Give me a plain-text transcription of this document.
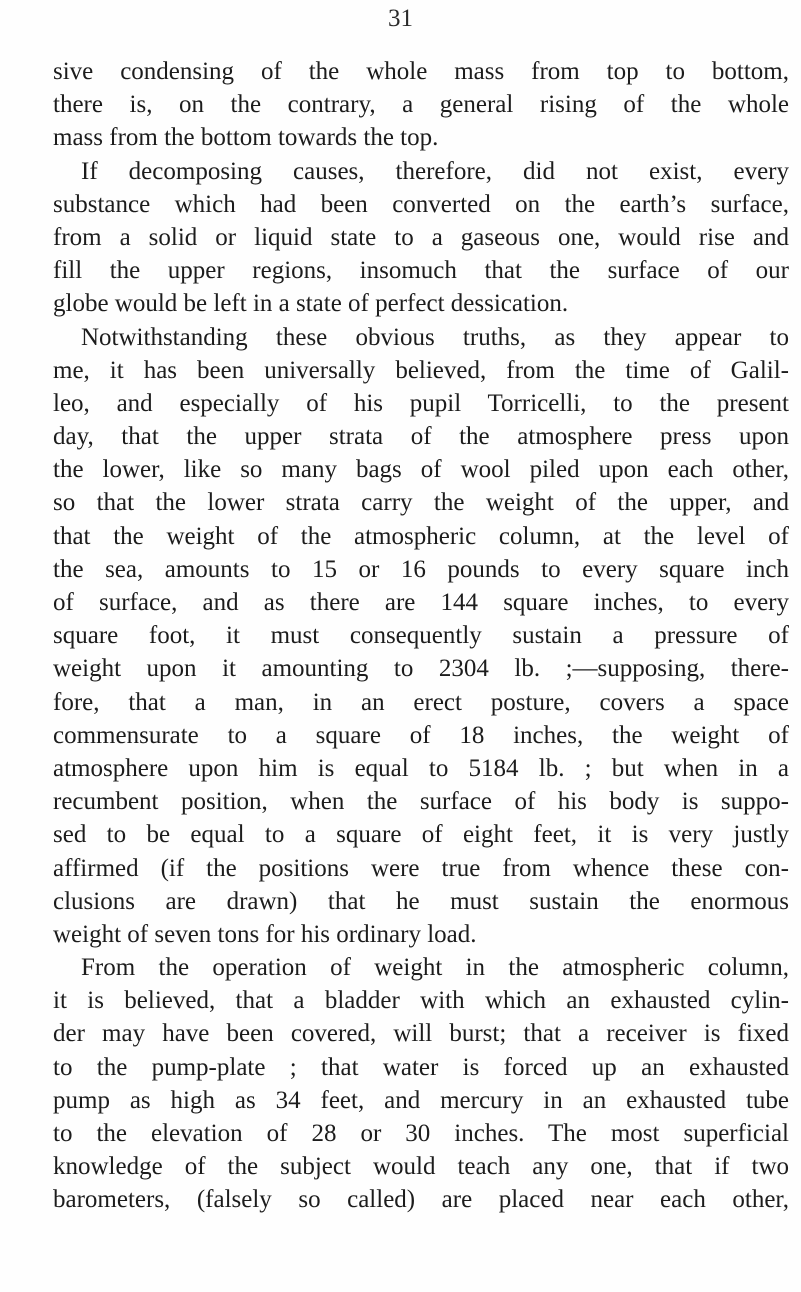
31
sive condensing of the whole mass from top to bottom,
there is, on the contrary, a general rising of the whole
mass from the bottom towards the top.
If decomposing causes, therefore, did not exist, every
substance which had been converted on the earth’s surface,
from a solid or liquid state to a gaseous one, would rise and
fill the upper regions, insomuch that the surface of our
globe would be left in a state of perfect dessication.
Notwithstanding these obvious truths, as they appear to
me, it has been universally believed, from the time of Galil-
leo, and especially of his pupil Torricelli, to the present
day, that the upper strata of the atmosphere press upon
the lower, like so many bags of wool piled upon each other,
so that the lower strata carry the weight of the upper, and
that the weight of the atmospheric column, at the level of
the sea, amounts to 15 or 16 pounds to every square inch
of surface, and as there are 144 square inches, to every
square foot, it must consequently sustain a pressure of
weight upon it amounting to 2304 lb. ;—supposing, there-
fore, that a man, in an erect posture, covers a space
commensurate to a square of 18 inches, the weight of
atmosphere upon him is equal to 5184 lb. ; but when in a
recumbent position, when the surface of his body is suppo-
sed to be equal to a square of eight feet, it is very justly
affirmed (if the positions were true from whence these con-
clusions are drawn) that he must sustain the enormous
weight of seven tons for his ordinary load.
From the operation of weight in the atmospheric column,
it is believed, that a bladder with which an exhausted cylin-
der may have been covered, will burst; that a receiver is fixed
to the pump-plate ; that water is forced up an exhausted
pump as high as 34 feet, and mercury in an exhausted tube
to the elevation of 28 or 30 inches. The most superficial
knowledge of the subject would teach any one, that if two
barometers, (falsely so called) are placed near each other,
